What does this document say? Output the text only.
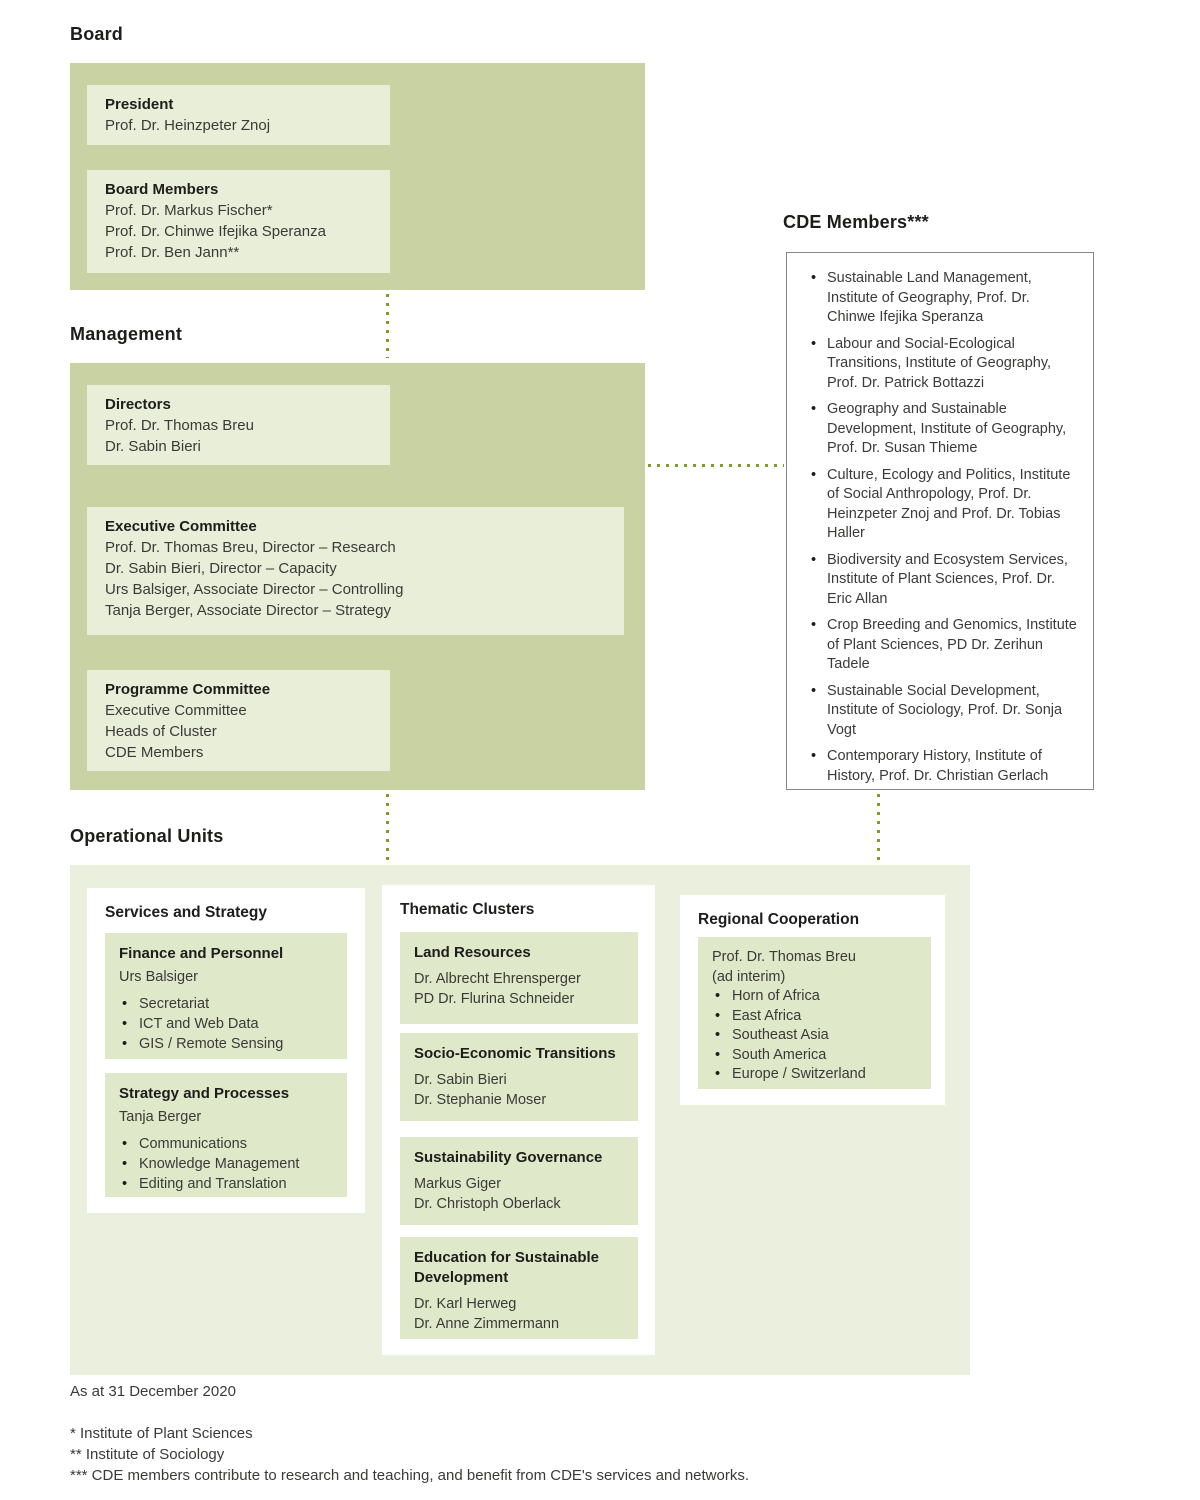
Board
President
Prof. Dr. Heinzpeter Znoj
Board Members
Prof. Dr. Markus Fischer*
Prof. Dr. Chinwe Ifejika Speranza
Prof. Dr. Ben Jann**
Management
Directors
Prof. Dr. Thomas Breu
Dr. Sabin Bieri
Executive Committee
Prof. Dr. Thomas Breu, Director – Research
Dr. Sabin Bieri, Director – Capacity
Urs Balsiger, Associate Director – Controlling
Tanja Berger, Associate Director – Strategy
Programme Committee
Executive Committee
Heads of Cluster
CDE Members
CDE Members***
• Sustainable Land Management, Institute of Geography, Prof. Dr. Chinwe Ifejika Speranza
• Labour and Social-Ecological Transitions, Institute of Geography, Prof. Dr. Patrick Bottazzi
• Geography and Sustainable Development, Institute of Geography, Prof. Dr. Susan Thieme
• Culture, Ecology and Politics, Institute of Social Anthropology, Prof. Dr. Heinzpeter Znoj and Prof. Dr. Tobias Haller
• Biodiversity and Ecosystem Services, Institute of Plant Sciences, Prof. Dr. Eric Allan
• Crop Breeding and Genomics, Institute of Plant Sciences, PD Dr. Zerihun Tadele
• Sustainable Social Development, Institute of Sociology, Prof. Dr. Sonja Vogt
• Contemporary History, Institute of History, Prof. Dr. Christian Gerlach
Operational Units
Services and Strategy
Finance and Personnel
Urs Balsiger
• Secretariat
• ICT and Web Data
• GIS / Remote Sensing
Strategy and Processes
Tanja Berger
• Communications
• Knowledge Management
• Editing and Translation
Thematic Clusters
Land Resources
Dr. Albrecht Ehrensperger
PD Dr. Flurina Schneider
Socio-Economic Transitions
Dr. Sabin Bieri
Dr. Stephanie Moser
Sustainability Governance
Markus Giger
Dr. Christoph Oberlack
Education for Sustainable Development
Dr. Karl Herweg
Dr. Anne Zimmermann
Regional Cooperation
Prof. Dr. Thomas Breu
(ad interim)
• Horn of Africa
• East Africa
• Southeast Asia
• South America
• Europe / Switzerland
As at 31 December 2020
* Institute of Plant Sciences
** Institute of Sociology
*** CDE members contribute to research and teaching, and benefit from CDE's services and networks.
